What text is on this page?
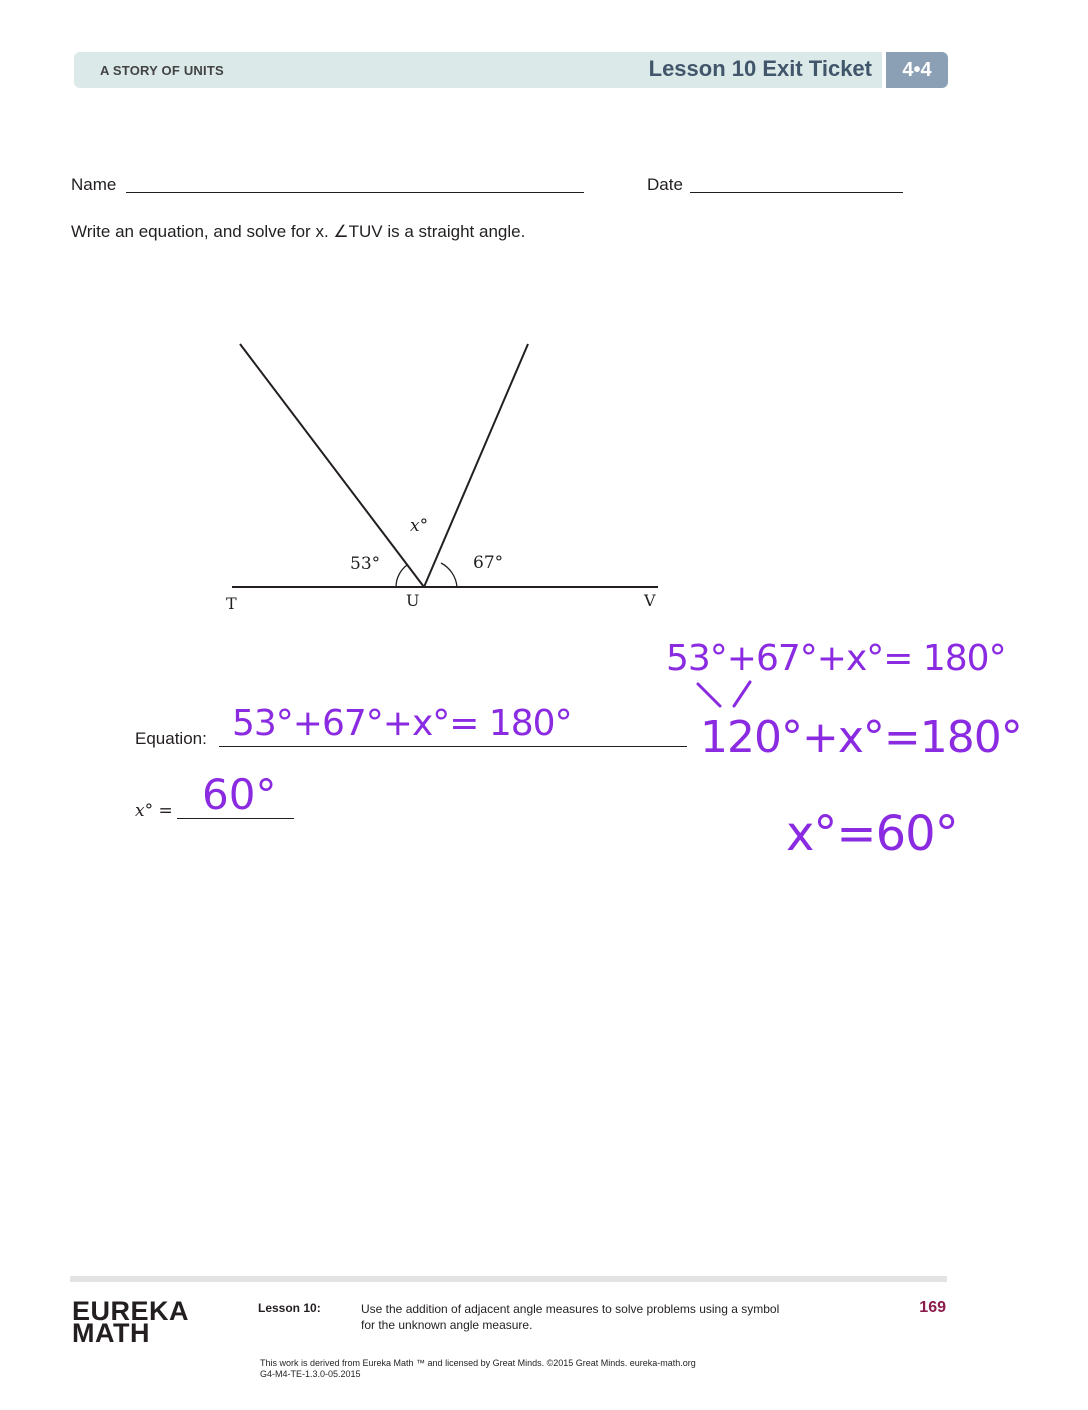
A STORY OF UNITS	Lesson 10 Exit Ticket	4•4
Name	Date
Write an equation, and solve for x. ∠TUV is a straight angle.
53°
x°
67°
T	U	V
Equation: 53°+67°+x°= 180°
x° = 60°
53°+67°+x°= 180°
120°+x°=180°
x°=60°
EUREKA
MATH
Lesson 10:	Use the addition of adjacent angle measures to solve problems using a symbol for the unknown angle measure.
169
This work is derived from Eureka Math ™ and licensed by Great Minds. ©2015 Great Minds. eureka-math.org
G4-M4-TE-1.3.0-05.2015
